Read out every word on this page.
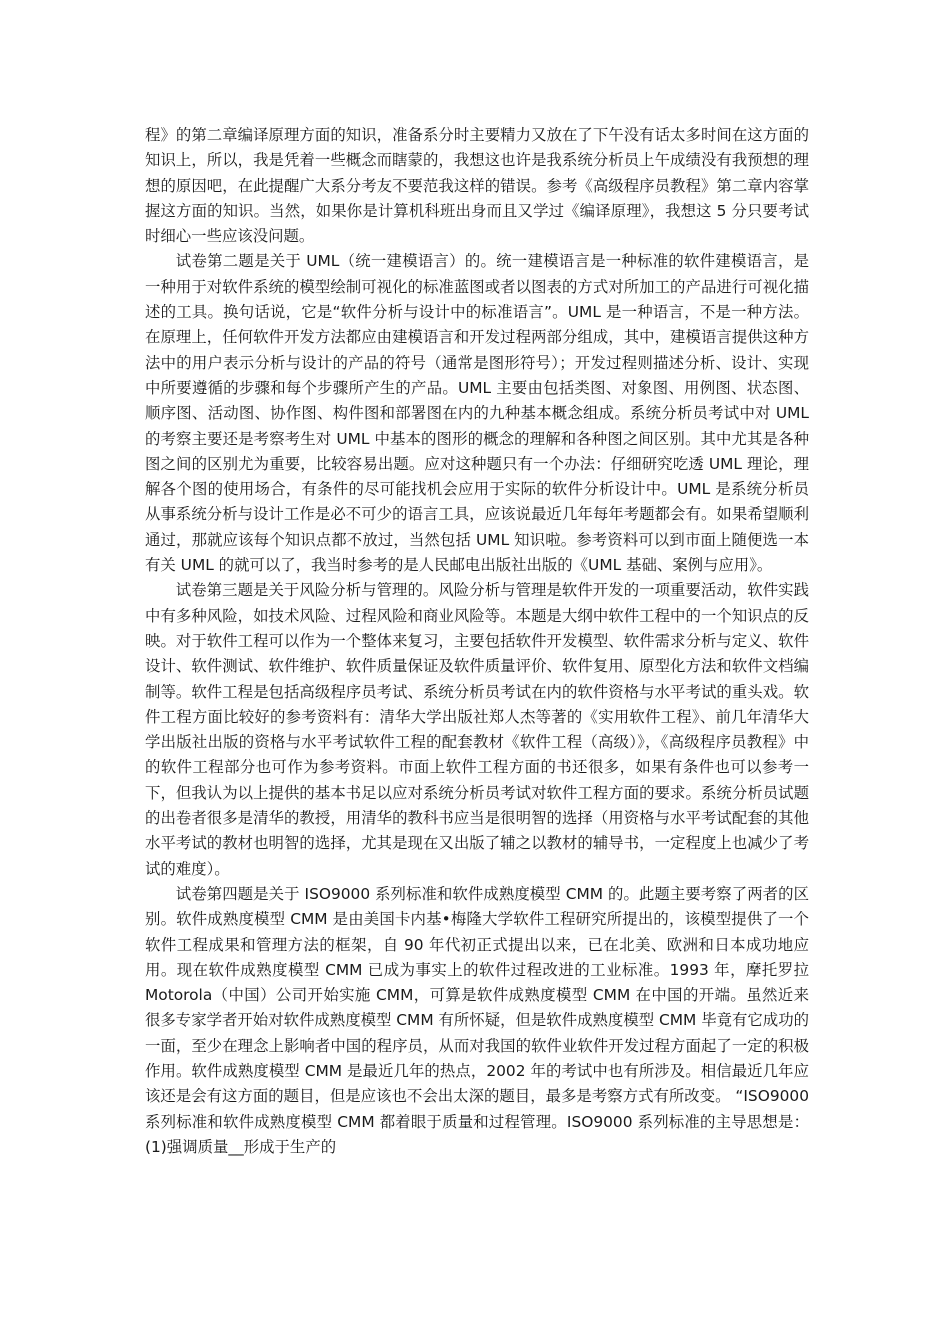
程》的第二章编译原理方面的知识，准备系分时主要精力又放在了下午没有话太多时间在这方面的知识上，所以，我是凭着一些概念而瞎蒙的，我想这也许是我系统分析员上午成绩没有我预想的理想的原因吧，在此提醒广大系分考友不要范我这样的错误。参考《高级程序员教程》第二章内容掌握这方面的知识。当然，如果你是计算机科班出身而且又学过《编译原理》，我想这 5 分只要考试时细心一些应该没问题。

试卷第二题是关于 UML（统一建模语言）的。统一建模语言是一种标准的软件建模语言，是一种用于对软件系统的模型绘制可视化的标准蓝图或者以图表的方式对所加工的产品进行可视化描述的工具。换句话说，它是“软件分析与设计中的标准语言”。UML 是一种语言，不是一种方法。在原理上，任何软件开发方法都应由建模语言和开发过程两部分组成，其中，建模语言提供这种方法中的用户表示分析与设计的产品的符号（通常是图形符号）；开发过程则描述分析、设计、实现中所要遵循的步骤和每个步骤所产生的产品。UML 主要由包括类图、对象图、用例图、状态图、顺序图、活动图、协作图、构件图和部署图在内的九种基本概念组成。系统分析员考试中对 UML 的考察主要还是考察考生对 UML 中基本的图形的概念的理解和各种图之间区别。其中尤其是各种图之间的区别尤为重要，比较容易出题。应对这种题只有一个办法：仔细研究吃透 UML 理论，理解各个图的使用场合，有条件的尽可能找机会应用于实际的软件分析设计中。UML 是系统分析员从事系统分析与设计工作是必不可少的语言工具，应该说最近几年每年考题都会有。如果希望顺利通过，那就应该每个知识点都不放过，当然包括 UML 知识啦。参考资料可以到市面上随便选一本有关 UML 的就可以了，我当时参考的是人民邮电出版社出版的《UML 基础、案例与应用》。

试卷第三题是关于风险分析与管理的。风险分析与管理是软件开发的一项重要活动，软件实践中有多种风险，如技术风险、过程风险和商业风险等。本题是大纲中软件工程中的一个知识点的反映。对于软件工程可以作为一个整体来复习，主要包括软件开发模型、软件需求分析与定义、软件设计、软件测试、软件维护、软件质量保证及软件质量评价、软件复用、原型化方法和软件文档编制等。软件工程是包括高级程序员考试、系统分析员考试在内的软件资格与水平考试的重头戏。软件工程方面比较好的参考资料有：清华大学出版社郑人杰等著的《实用软件工程》、前几年清华大学出版社出版的资格与水平考试软件工程的配套教材《软件工程（高级）》，《高级程序员教程》中的软件工程部分也可作为参考资料。市面上软件工程方面的书还很多，如果有条件也可以参考一下，但我认为以上提供的基本书足以应对系统分析员考试对软件工程方面的要求。系统分析员试题的出卷者很多是清华的教授，用清华的教科书应当是很明智的选择（用资格与水平考试配套的其他水平考试的教材也明智的选择，尤其是现在又出版了辅之以教材的辅导书，一定程度上也减少了考试的难度）。

试卷第四题是关于 ISO9000 系列标准和软件成熟度模型 CMM 的。此题主要考察了两者的区别。软件成熟度模型 CMM 是由美国卡内基•梅隆大学软件工程研究所提出的，该模型提供了一个软件工程成果和管理方法的框架，自 90 年代初正式提出以来，已在北美、欧洲和日本成功地应用。现在软件成熟度模型 CMM 已成为事实上的软件过程改进的工业标准。1993 年，摩托罗拉 Motorola（中国）公司开始实施 CMM，可算是软件成熟度模型 CMM 在中国的开端。虽然近来很多专家学者开始对软件成熟度模型 CMM 有所怀疑，但是软件成熟度模型 CMM 毕竟有它成功的一面，至少在理念上影响者中国的程序员，从而对我国的软件业软件开发过程方面起了一定的积极作用。软件成熟度模型 CMM 是最近几年的热点，2002 年的考试中也有所涉及。相信最近几年应该还是会有这方面的题目，但是应该也不会出太深的题目，最多是考察方式有所改变。 “ISO9000 系列标准和软件成熟度模型 CMM 都着眼于质量和过程管理。ISO9000 系列标准的主导思想是：(1)强调质量__形成于生产的
